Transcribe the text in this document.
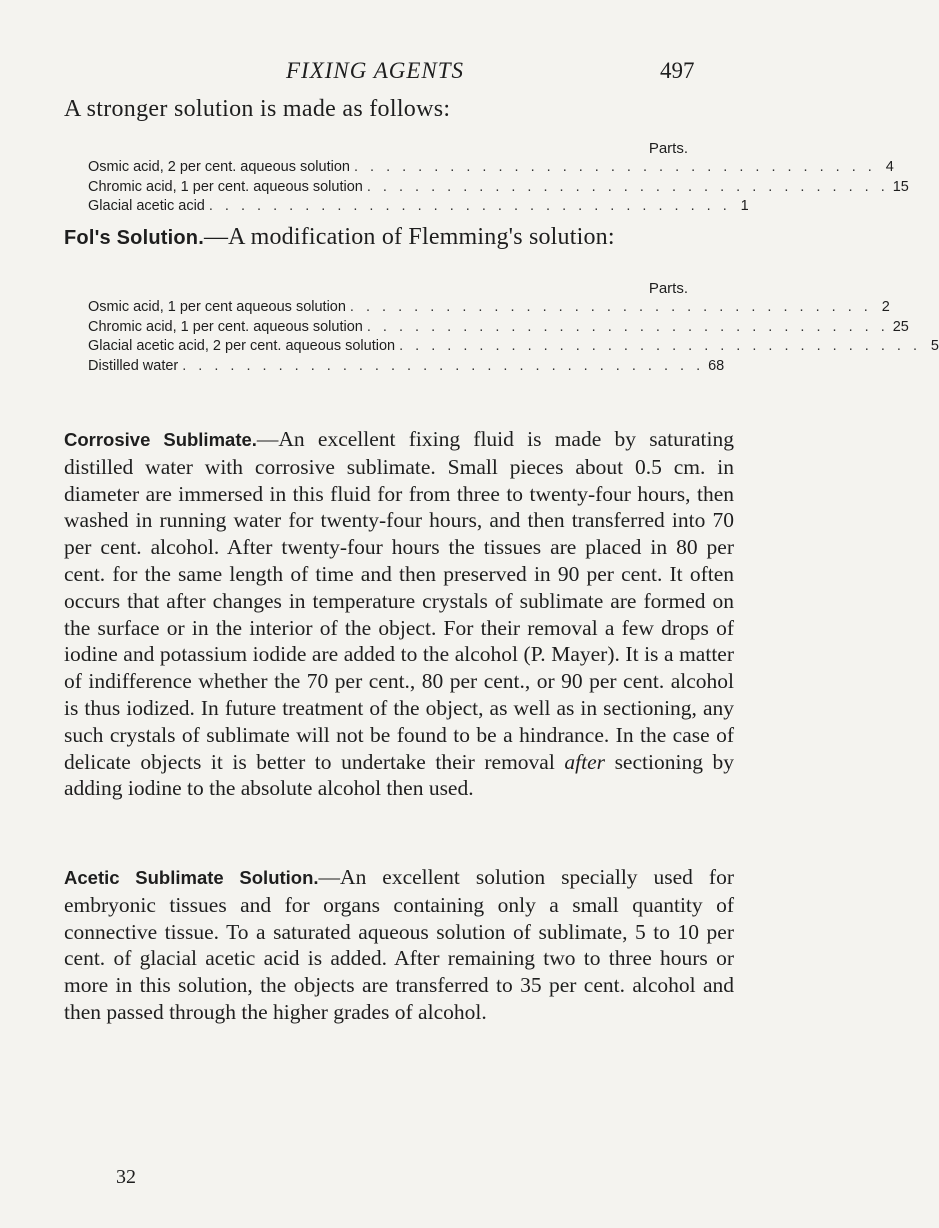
FIXING AGENTS	497
A stronger solution is made as follows:
Parts.
Osmic acid, 2 per cent. aqueous solution . . . . . . . . . . . . . . . . . . . . . . . . . . . . . . . . . 4
Chromic acid, 1 per cent. aqueous solution . . . . . . . . . . . . . . . . . . . . . . . . . . . . . . . . . 15
Glacial acetic acid . . . . . . . . . . . . . . . . . . . . . . . . . . . . . . . . . 1
Fol's Solution.—A modification of Flemming's solution:
Parts.
Osmic acid, 1 per cent aqueous solution . . . . . . . . . . . . . . . . . . . . . . . . . . . . . . . . . 2
Chromic acid, 1 per cent. aqueous solution . . . . . . . . . . . . . . . . . . . . . . . . . . . . . . . . . 25
Glacial acetic acid, 2 per cent. aqueous solution . . . . . . . . . . . . . . . . . . . . . . . . . . . . . . . . . 5
Distilled water . . . . . . . . . . . . . . . . . . . . . . . . . . . . . . . . . 68

Corrosive Sublimate.—An excellent fixing fluid is made by saturating distilled water with corrosive sublimate. Small pieces about 0.5 cm. in diameter are immersed in this fluid for from three to twenty-four hours, then washed in running water for twenty-four hours, and then transferred into 70 per cent. alcohol. After twenty-four hours the tissues are placed in 80 per cent. for the same length of time and then preserved in 90 per cent. It often occurs that after changes in temperature crystals of sublimate are formed on the surface or in the interior of the object. For their removal a few drops of iodine and potassium iodide are added to the alcohol (P. Mayer). It is a matter of indifference whether the 70 per cent., 80 per cent., or 90 per cent. alcohol is thus iodized. In future treatment of the object, as well as in sectioning, any such crystals of sublimate will not be found to be a hindrance. In the case of delicate objects it is better to undertake their removal after sectioning by adding iodine to the absolute alcohol then used.

Acetic Sublimate Solution.—An excellent solution specially used for embryonic tissues and for organs containing only a small quantity of connective tissue. To a saturated aqueous solution of sublimate, 5 to 10 per cent. of glacial acetic acid is added. After remaining two to three hours or more in this solution, the objects are transferred to 35 per cent. alcohol and then passed through the higher grades of alcohol.

32
